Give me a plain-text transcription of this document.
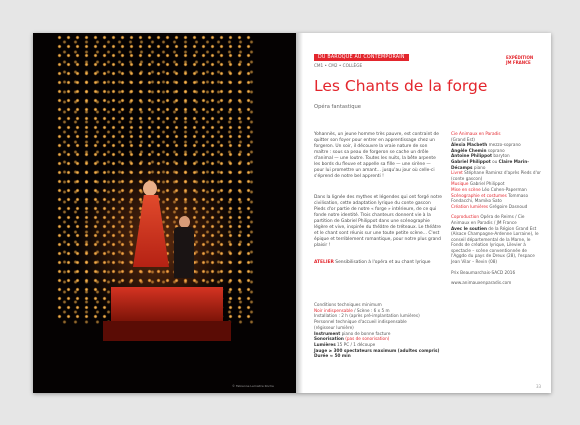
© Fabienne Lemaitre Roche
DU BAROQUE AU CONTEMPORAIN
CM1 • CM2 • COLLÈGE
EXPÉDITION
JM FRANCE
Les Chants de la forge
Opéra fantastique

Yohannès, un jeune homme très pauvre, est contraint de quitter son foyer pour entrer en apprentissage chez un forgeron. Un soir, il découvre la vraie nature de son maître : sous sa peau de forgeron se cache un drôle d'animal — une loutre. Toutes les nuits, la bête arpente les bords du fleuve et appelle sa fille — une sirène — pour lui promettre un amant… jusqu'au jour où celle-ci s'éprend de notre bel apprenti !

Dans la lignée des mythes et légendes qui ont forgé notre civilisation, cette adaptation lyrique du conte gascon Pieds d'or partie de notre « forge » intérieure, de ce qui fonde notre identité. Trois chanteurs donnent vie à la partition de Gabriel Philippot dans une scénographie légère et vive, inspirée du théâtre de tréteaux. Le théâtre et le chant sont réunis sur une toute petite scène... C'est épique et terriblement romantique, pour notre plus grand plaisir !

ATELIER Sensibilisation à l'opéra et au chant lyrique
Conditions techniques minimum
Noir indispensable / Scène : 6 x 5 m
Installation : 2 h (après pré-implantation lumières)
Personnel technique d'accueil indispensable
(régisseur lumière)
Instrument piano de bonne facture
Sonorisation (pas de sonorisation)
Lumières 15 PC / 1 découpe
Jauge ≥ 300 spectateurs maximum (adultes compris)
Durée ≈ 50 min
Cie Animaux en Paradis
(Grand Est)
Alexia Macbeth mezzo-soprano
Angèle Chemin soprano
Antoine Philippot baryton
Gabriel Philippot ou Claire Marin-Décamps piano
Livret Stéphane Ramirez d'après Pieds d'or (conte gascon)
Musique Gabriel Philippot
Mise en scène Léo Cohen-Paperman
Scénographie et costumes Tommaso Fondacchi, Mamiko Sato
Création lumières Grégoire Dasnoud
Coproduction Opéra de Reims / Cie Animaux en Paradis / JM France
Avec le soutien de la Région Grand Est (Alsace Champagne-Ardenne Lorraine), le conseil départemental de la Marne, le Fonds de création lyrique, Lilevier à spectacle – scène conventionnée de l'Aggdo du pays de Dreux (28), l'espace Jean Vilar – Revin (08)
Prix Beaumarchais-SACD 2016
www.animauxenparadis.com
33
